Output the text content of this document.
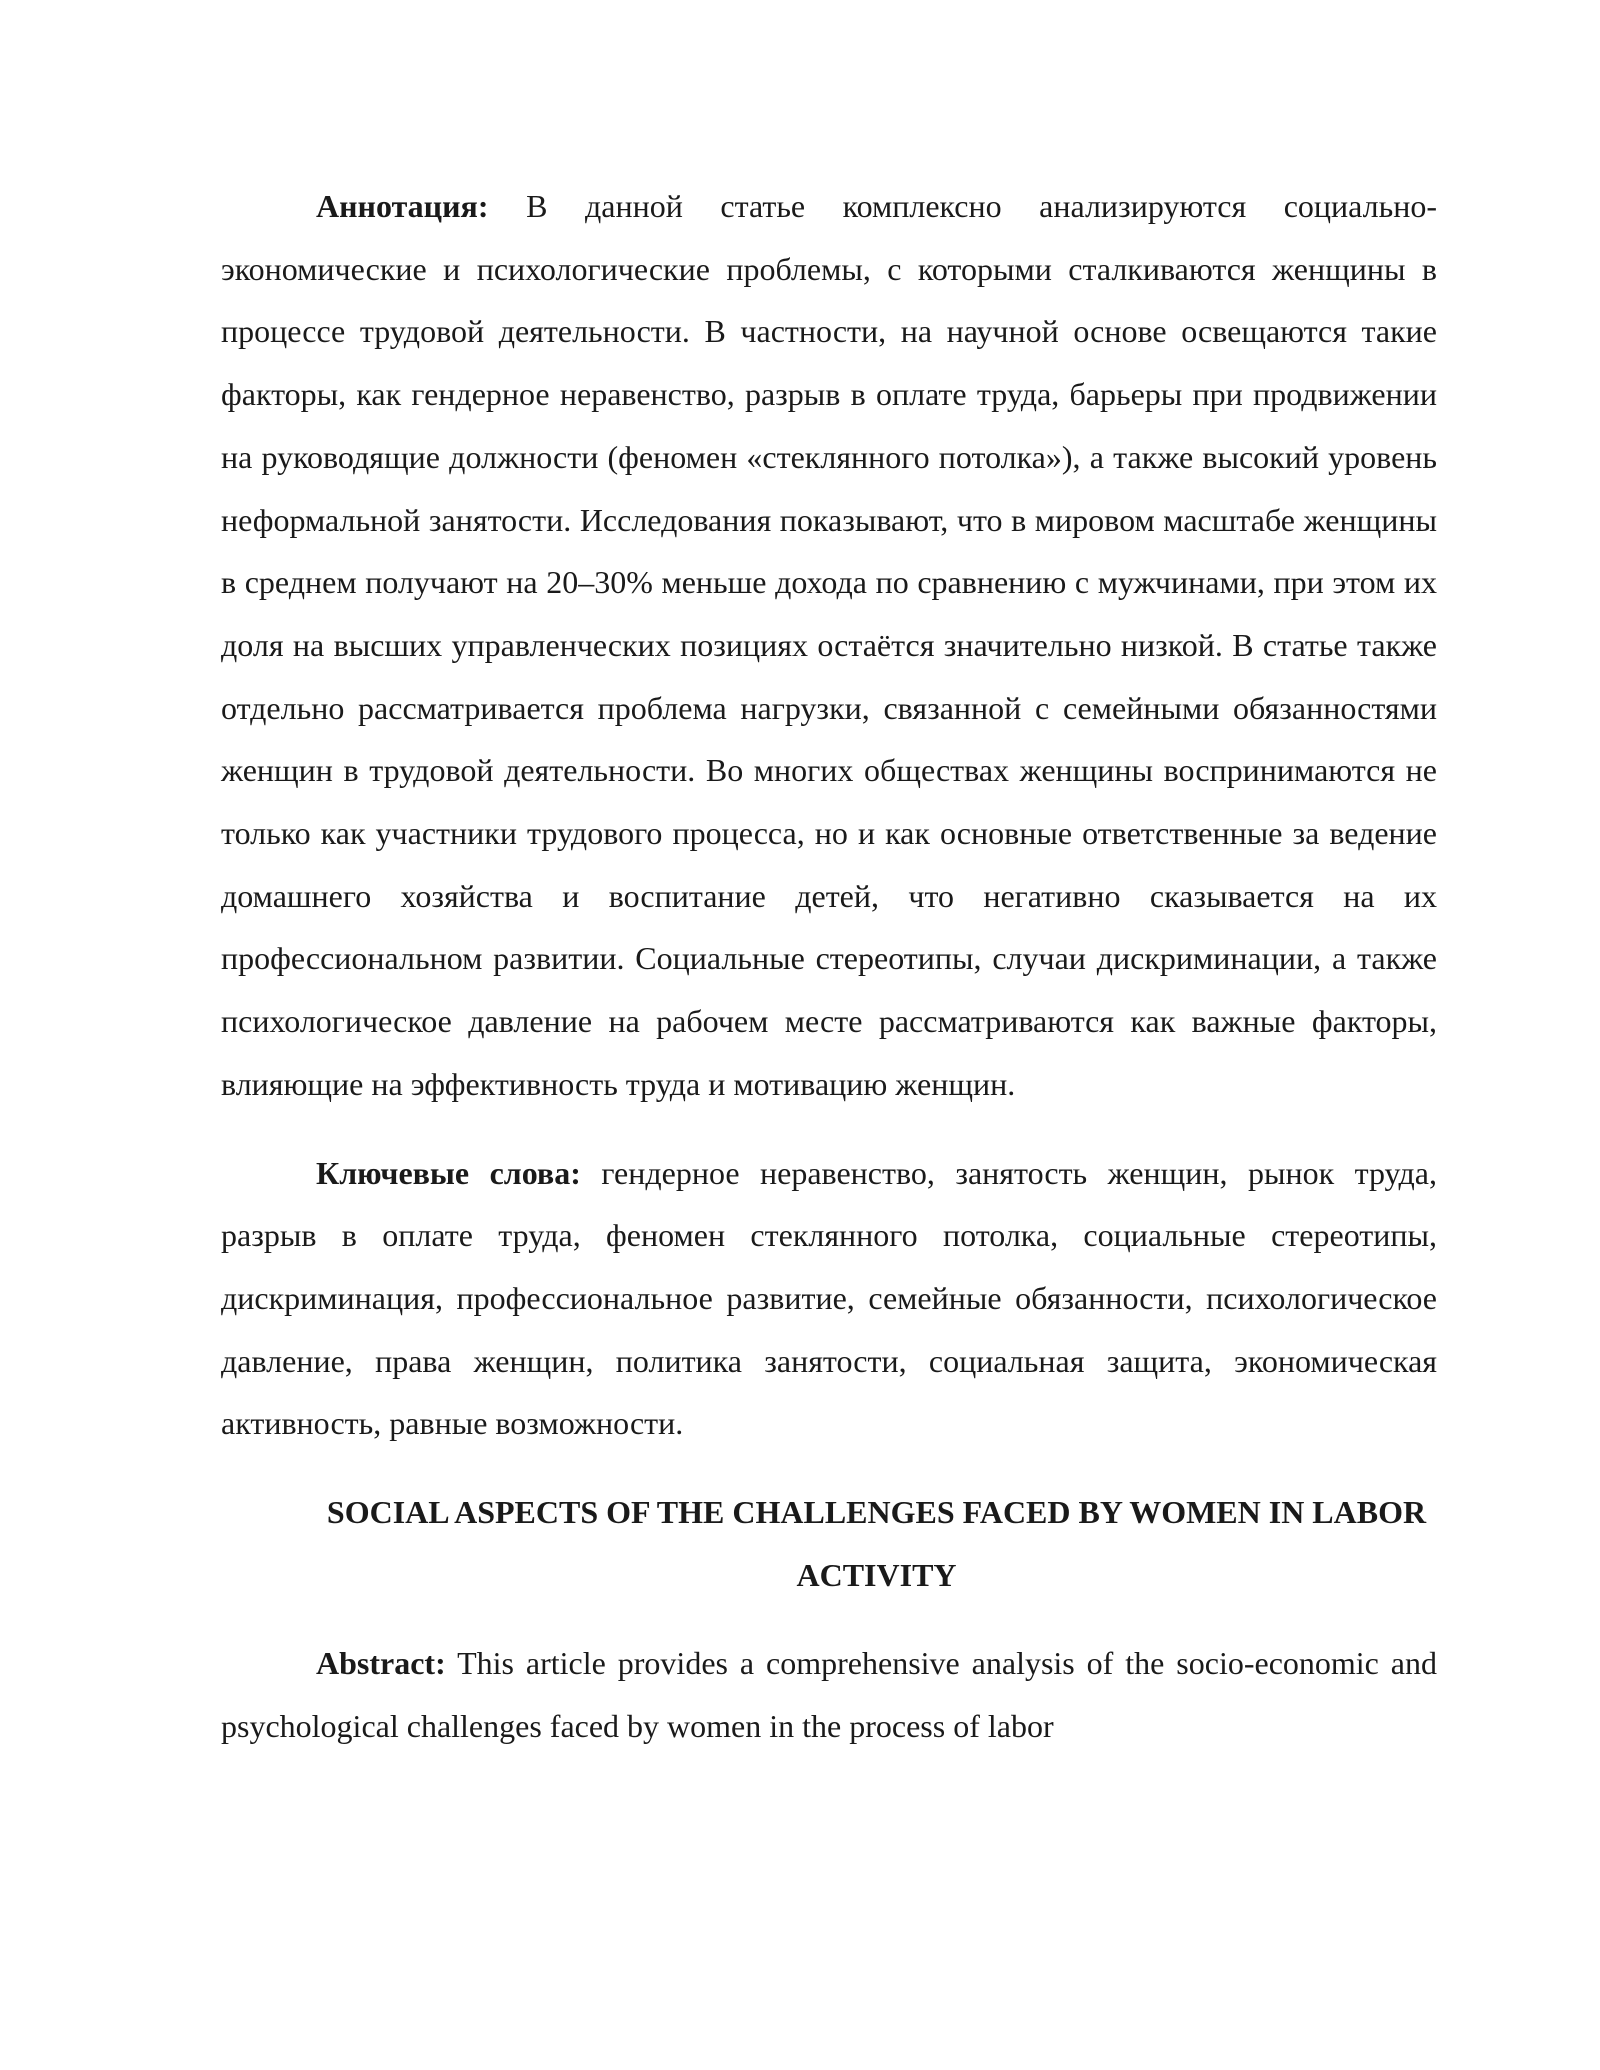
Аннотация: В данной статье комплексно анализируются социально-экономические и психологические проблемы, с которыми сталкиваются женщины в процессе трудовой деятельности. В частности, на научной основе освещаются такие факторы, как гендерное неравенство, разрыв в оплате труда, барьеры при продвижении на руководящие должности (феномен «стеклянного потолка»), а также высокий уровень неформальной занятости. Исследования показывают, что в мировом масштабе женщины в среднем получают на 20–30% меньше дохода по сравнению с мужчинами, при этом их доля на высших управленческих позициях остаётся значительно низкой. В статье также отдельно рассматривается проблема нагрузки, связанной с семейными обязанностями женщин в трудовой деятельности. Во многих обществах женщины воспринимаются не только как участники трудового процесса, но и как основные ответственные за ведение домашнего хозяйства и воспитание детей, что негативно сказывается на их профессиональном развитии. Социальные стереотипы, случаи дискриминации, а также психологическое давление на рабочем месте рассматриваются как важные факторы, влияющие на эффективность труда и мотивацию женщин.

Ключевые слова: гендерное неравенство, занятость женщин, рынок труда, разрыв в оплате труда, феномен стеклянного потолка, социальные стереотипы, дискриминация, профессиональное развитие, семейные обязанности, психологическое давление, права женщин, политика занятости, социальная защита, экономическая активность, равные возможности.

SOCIAL ASPECTS OF THE CHALLENGES FACED BY WOMEN IN LABOR ACTIVITY

Abstract: This article provides a comprehensive analysis of the socio-economic and psychological challenges faced by women in the process of labor
